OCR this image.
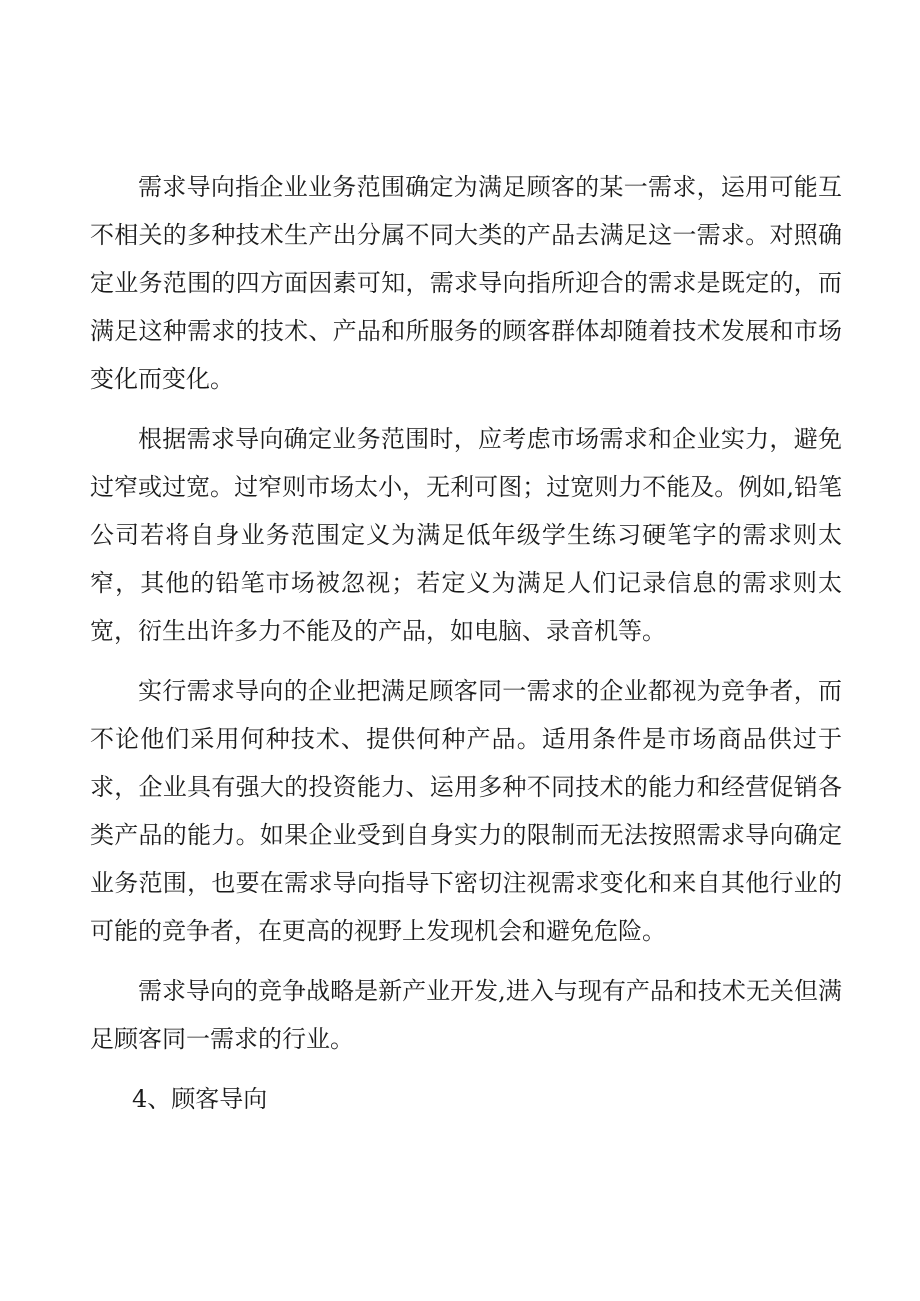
需求导向指企业业务范围确定为满足顾客的某一需求，运用可能互不相关的多种技术生产出分属不同大类的产品去满足这一需求。对照确定业务范围的四方面因素可知，需求导向指所迎合的需求是既定的，而满足这种需求的技术、产品和所服务的顾客群体却随着技术发展和市场变化而变化。

根据需求导向确定业务范围时，应考虑市场需求和企业实力，避免过窄或过宽。过窄则市场太小，无利可图；过宽则力不能及。例如,铅笔公司若将自身业务范围定义为满足低年级学生练习硬笔字的需求则太窄，其他的铅笔市场被忽视；若定义为满足人们记录信息的需求则太宽，衍生出许多力不能及的产品，如电脑、录音机等。

实行需求导向的企业把满足顾客同一需求的企业都视为竞争者，而不论他们采用何种技术、提供何种产品。适用条件是市场商品供过于求，企业具有强大的投资能力、运用多种不同技术的能力和经营促销各类产品的能力。如果企业受到自身实力的限制而无法按照需求导向确定业务范围，也要在需求导向指导下密切注视需求变化和来自其他行业的可能的竞争者，在更高的视野上发现机会和避免危险。

需求导向的竞争战略是新产业开发,进入与现有产品和技术无关但满足顾客同一需求的行业。

4、顾客导向
